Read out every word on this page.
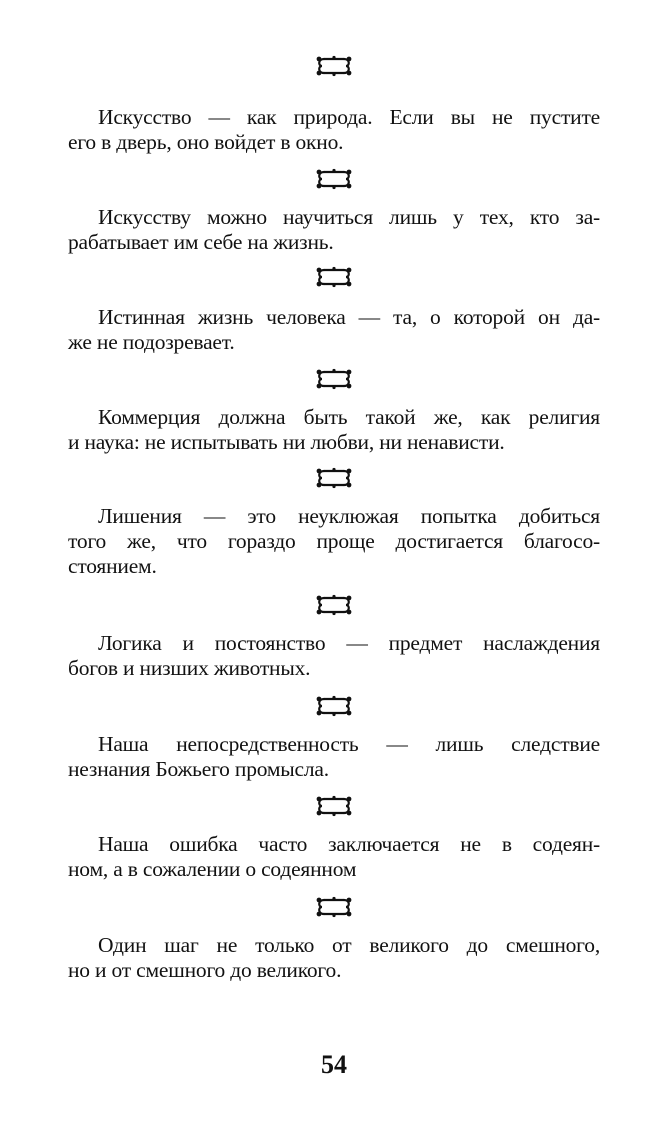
Искусство — как природа. Если вы не пустите
его в дверь, оно войдет в окно.

Искусству можно научиться лишь у тех, кто за-
рабатывает им себе на жизнь.

Истинная жизнь человека — та, о которой он да-
же не подозревает.

Коммерция должна быть такой же, как религия
и наука: не испытывать ни любви, ни ненависти.

Лишения — это неуклюжая попытка добиться
того же, что гораздо проще достигается благосо-
стоянием.

Логика и постоянство — предмет наслаждения
богов и низших животных.

Наша непосредственность — лишь следствие
незнания Божьего промысла.

Наша ошибка часто заключается не в содеян-
ном, а в сожалении о содеянном

Один шаг не только от великого до смешного,
но и от смешного до великого.

54
